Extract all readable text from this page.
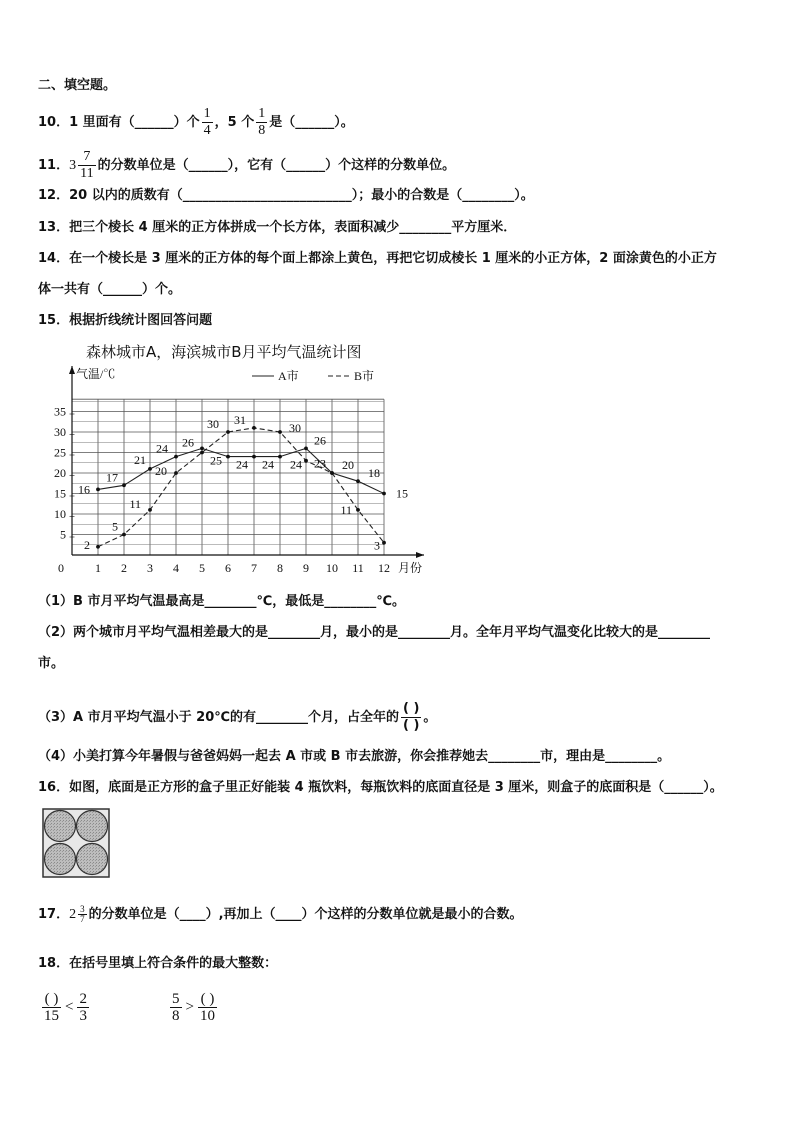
二、填空题。
10．1 里面有（______）个 $\frac{1}{4}$ ，5 个 $\frac{1}{8}$ 是（______）。
11．$3 \frac{7}{11}$ 的分数单位是（______），它有（______）个这样的分数单位。
12．20 以内的质数有（__________________________）；最小的合数是（________）。
13．把三个棱长 4 厘米的正方体拼成一个长方体，表面积减少________平方厘米．
14．在一个棱长是 3 厘米的正方体的每个面上都涂上黄色，再把它切成棱长 1 厘米的小正方体，2 面涂黄色的小正方
体一共有（______）个。
15．根据折线统计图回答问题
森林城市A，海滨城市B月平均气温统计图
5
10
15
20
25
30
35
1 2 3 4 5 6 7 8 9 10 11 12
0
气温/℃
月份
16
17
21
24 26
24 24 24
26
20
18
15
2
5
11
20
25
30 31
30
23
11
3
A市	B市
（1）B 市月平均气温最高是________℃，最低是________℃。
（2）两个城市月平均气温相差最大的是________月，最小的是________月。全年月平均气温变化比较大的是________
市。
（3）A 市月平均气温小于 20℃的有________个月，占全年的 $\frac{( )}{( )}$ 。
（4）小美打算今年暑假与爸爸妈妈一起去 A 市或 B 市去旅游，你会推荐她去________市，理由是________。
16．如图，底面是正方形的盒子里正好能装 4 瓶饮料，每瓶饮料的底面直径是 3 厘米，则盒子的底面积是（______）。
17．$2 \frac{3}{7}$ 的分数单位是（____）,再加上（____）个这样的分数单位就是最小的合数。
18．在括号里填上符合条件的最大整数：
$\frac{( )}{15} < \frac{2}{3}$	$\frac{5}{8} > \frac{( )}{10}$
